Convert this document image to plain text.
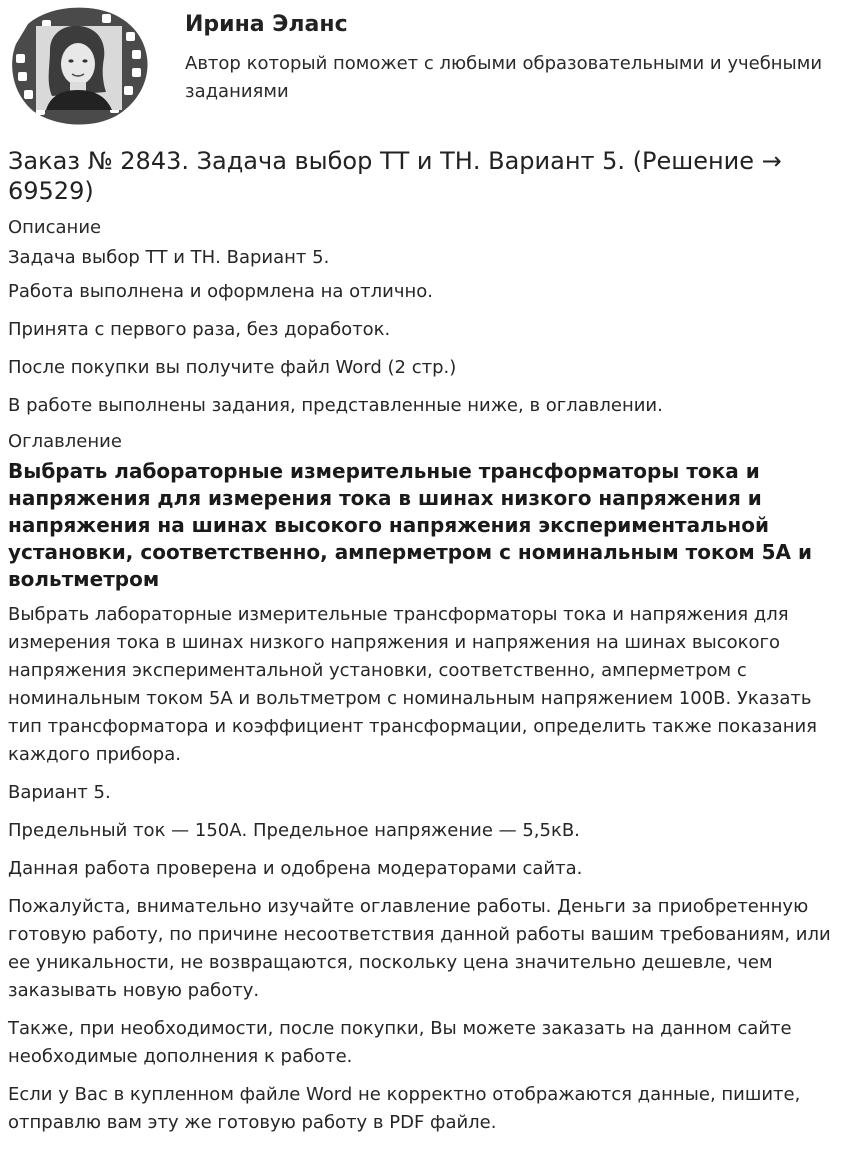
Ирина Эланс
Автор который поможет с любыми образовательными и учебными заданиями
Заказ № 2843. Задача выбор ТТ и ТН. Вариант 5. (Решение → 69529)
Описание

Задача выбор ТТ и ТН. Вариант 5.

Работа выполнена и оформлена на отлично.

Принята с первого раза, без доработок.

После покупки вы получите файл Word (2 стр.)

В работе выполнены задания, представленные ниже, в оглавлении.

Оглавление
Выбрать лабораторные измерительные трансформаторы тока и напряжения для измерения тока в шинах низкого напряжения и напряжения на шинах высокого напряжения экспериментальной установки, соответственно, амперметром с номинальным током 5А и вольтметром

Выбрать лабораторные измерительные трансформаторы тока и напряжения для измерения тока в шинах низкого напряжения и напряжения на шинах высокого напряжения экспериментальной установки, соответственно, амперметром с номинальным током 5А и вольтметром с номинальным напряжением 100В. Указать тип трансформатора и коэффициент трансформации, определить также показания каждого прибора.

Вариант 5.

Предельный ток — 150А. Предельное напряжение — 5,5кВ.

Данная работа проверена и одобрена модераторами сайта.

Пожалуйста, внимательно изучайте оглавление работы. Деньги за приобретенную готовую работу, по причине несоответствия данной работы вашим требованиям, или ее уникальности, не возвращаются, поскольку цена значительно дешевле, чем заказывать новую работу.

Также, при необходимости, после покупки, Вы можете заказать на данном сайте необходимые дополнения к работе.

Если у Вас в купленном файле Word не корректно отображаются данные, пишите, отправлю вам эту же готовую работу в PDF файле.
